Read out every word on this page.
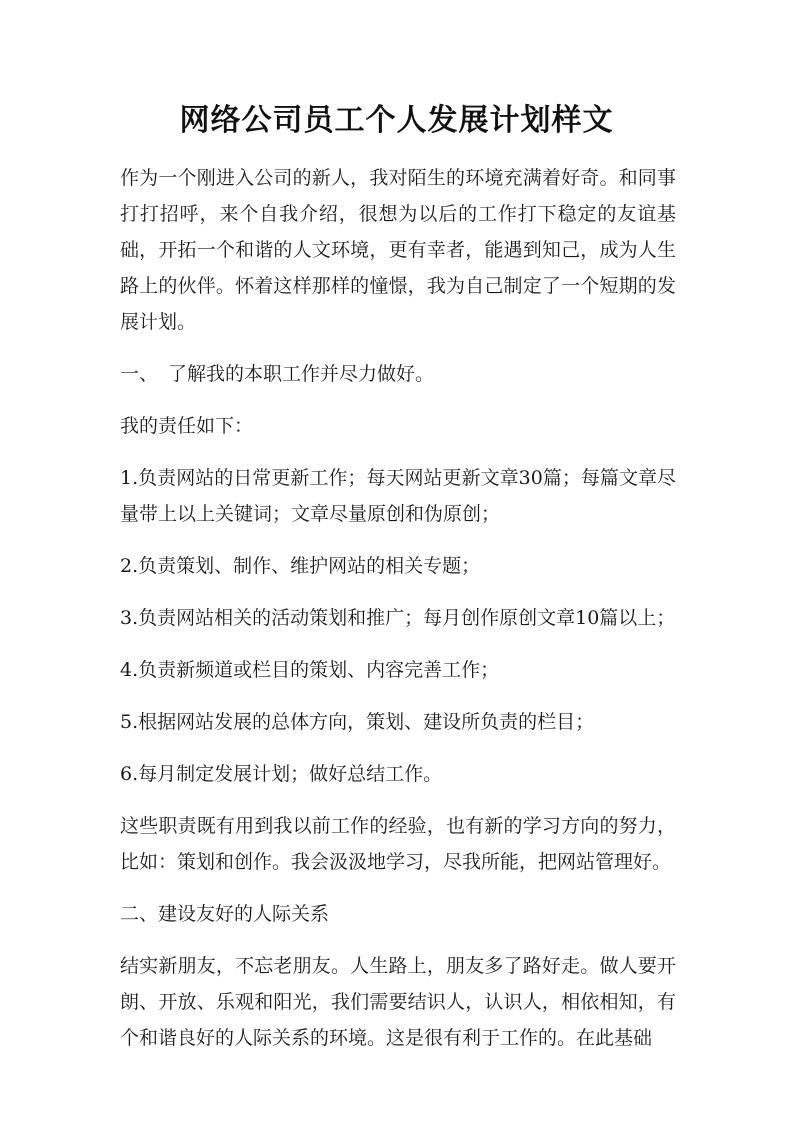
网络公司员工个人发展计划样文

作为一个刚进入公司的新人，我对陌生的环境充满着好奇。和同事打打招呼，来个自我介绍，很想为以后的工作打下稳定的友谊基础，开拓一个和谐的人文环境，更有幸者，能遇到知己，成为人生路上的伙伴。怀着这样那样的憧憬，我为自己制定了一个短期的发展计划。

一、 了解我的本职工作并尽力做好。

我的责任如下：

1.负责网站的日常更新工作；每天网站更新文章30篇；每篇文章尽量带上以上关键词；文章尽量原创和伪原创；

2.负责策划、制作、维护网站的相关专题；

3.负责网站相关的活动策划和推广；每月创作原创文章10篇以上；

4.负责新频道或栏目的策划、内容完善工作；

5.根据网站发展的总体方向，策划、建设所负责的栏目；

6.每月制定发展计划；做好总结工作。

这些职责既有用到我以前工作的经验，也有新的学习方向的努力，比如：策划和创作。我会汲汲地学习，尽我所能，把网站管理好。

二、建设友好的人际关系

结实新朋友，不忘老朋友。人生路上，朋友多了路好走。做人要开朗、开放、乐观和阳光，我们需要结识人，认识人，相依相知，有个和谐良好的人际关系的环境。这是很有利于工作的。在此基础
